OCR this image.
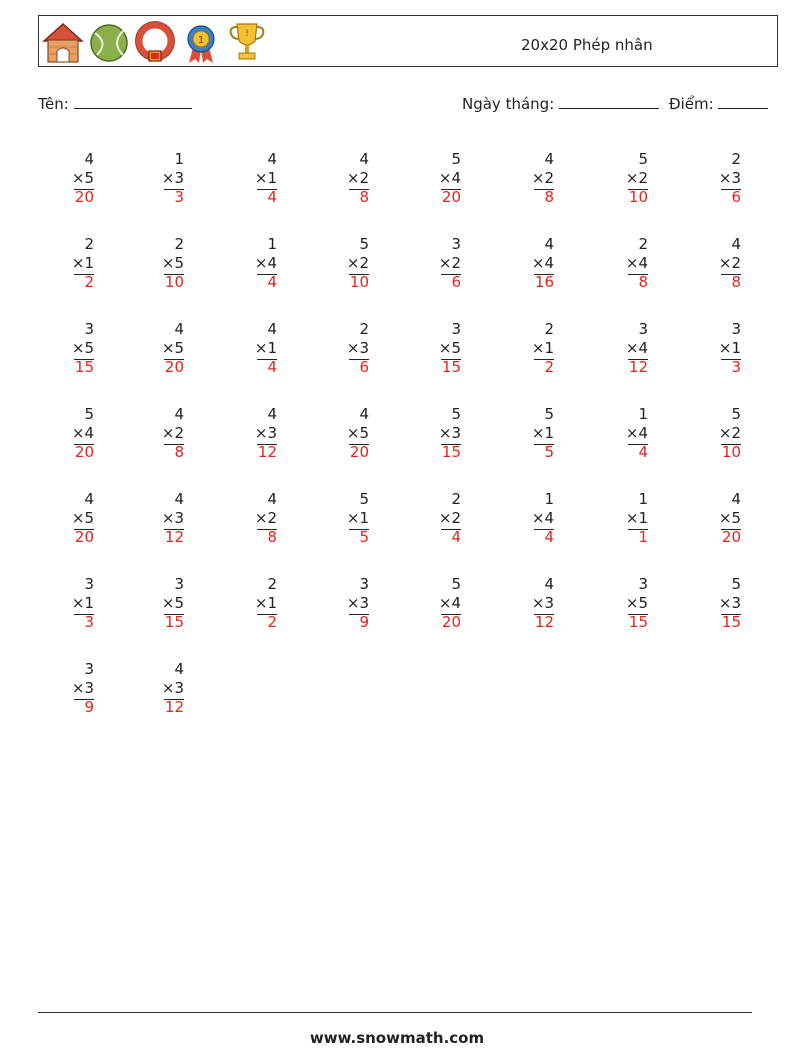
1
!
20x20 Phép nhân
Tên:	Ngày tháng:	Điểm:
4
×5
20
1
×3
3
4
×1
4
4
×2
8
5
×4
20
4
×2
8
5
×2
10
2
×3
6
2
×1
2
2
×5
10
1
×4
4
5
×2
10
3
×2
6
4
×4
16
2
×4
8
4
×2
8
3
×5
15
4
×5
20
4
×1
4
2
×3
6
3
×5
15
2
×1
2
3
×4
12
3
×1
3
5
×4
20
4
×2
8
4
×3
12
4
×5
20
5
×3
15
5
×1
5
1
×4
4
5
×2
10
4
×5
20
4
×3
12
4
×2
8
5
×1
5
2
×2
4
1
×4
4
1
×1
1
4
×5
20
3
×1
3
3
×5
15
2
×1
2
3
×3
9
5
×4
20
4
×3
12
3
×5
15
5
×3
15
3
×3
9
4
×3
12
www.snowmath.com
